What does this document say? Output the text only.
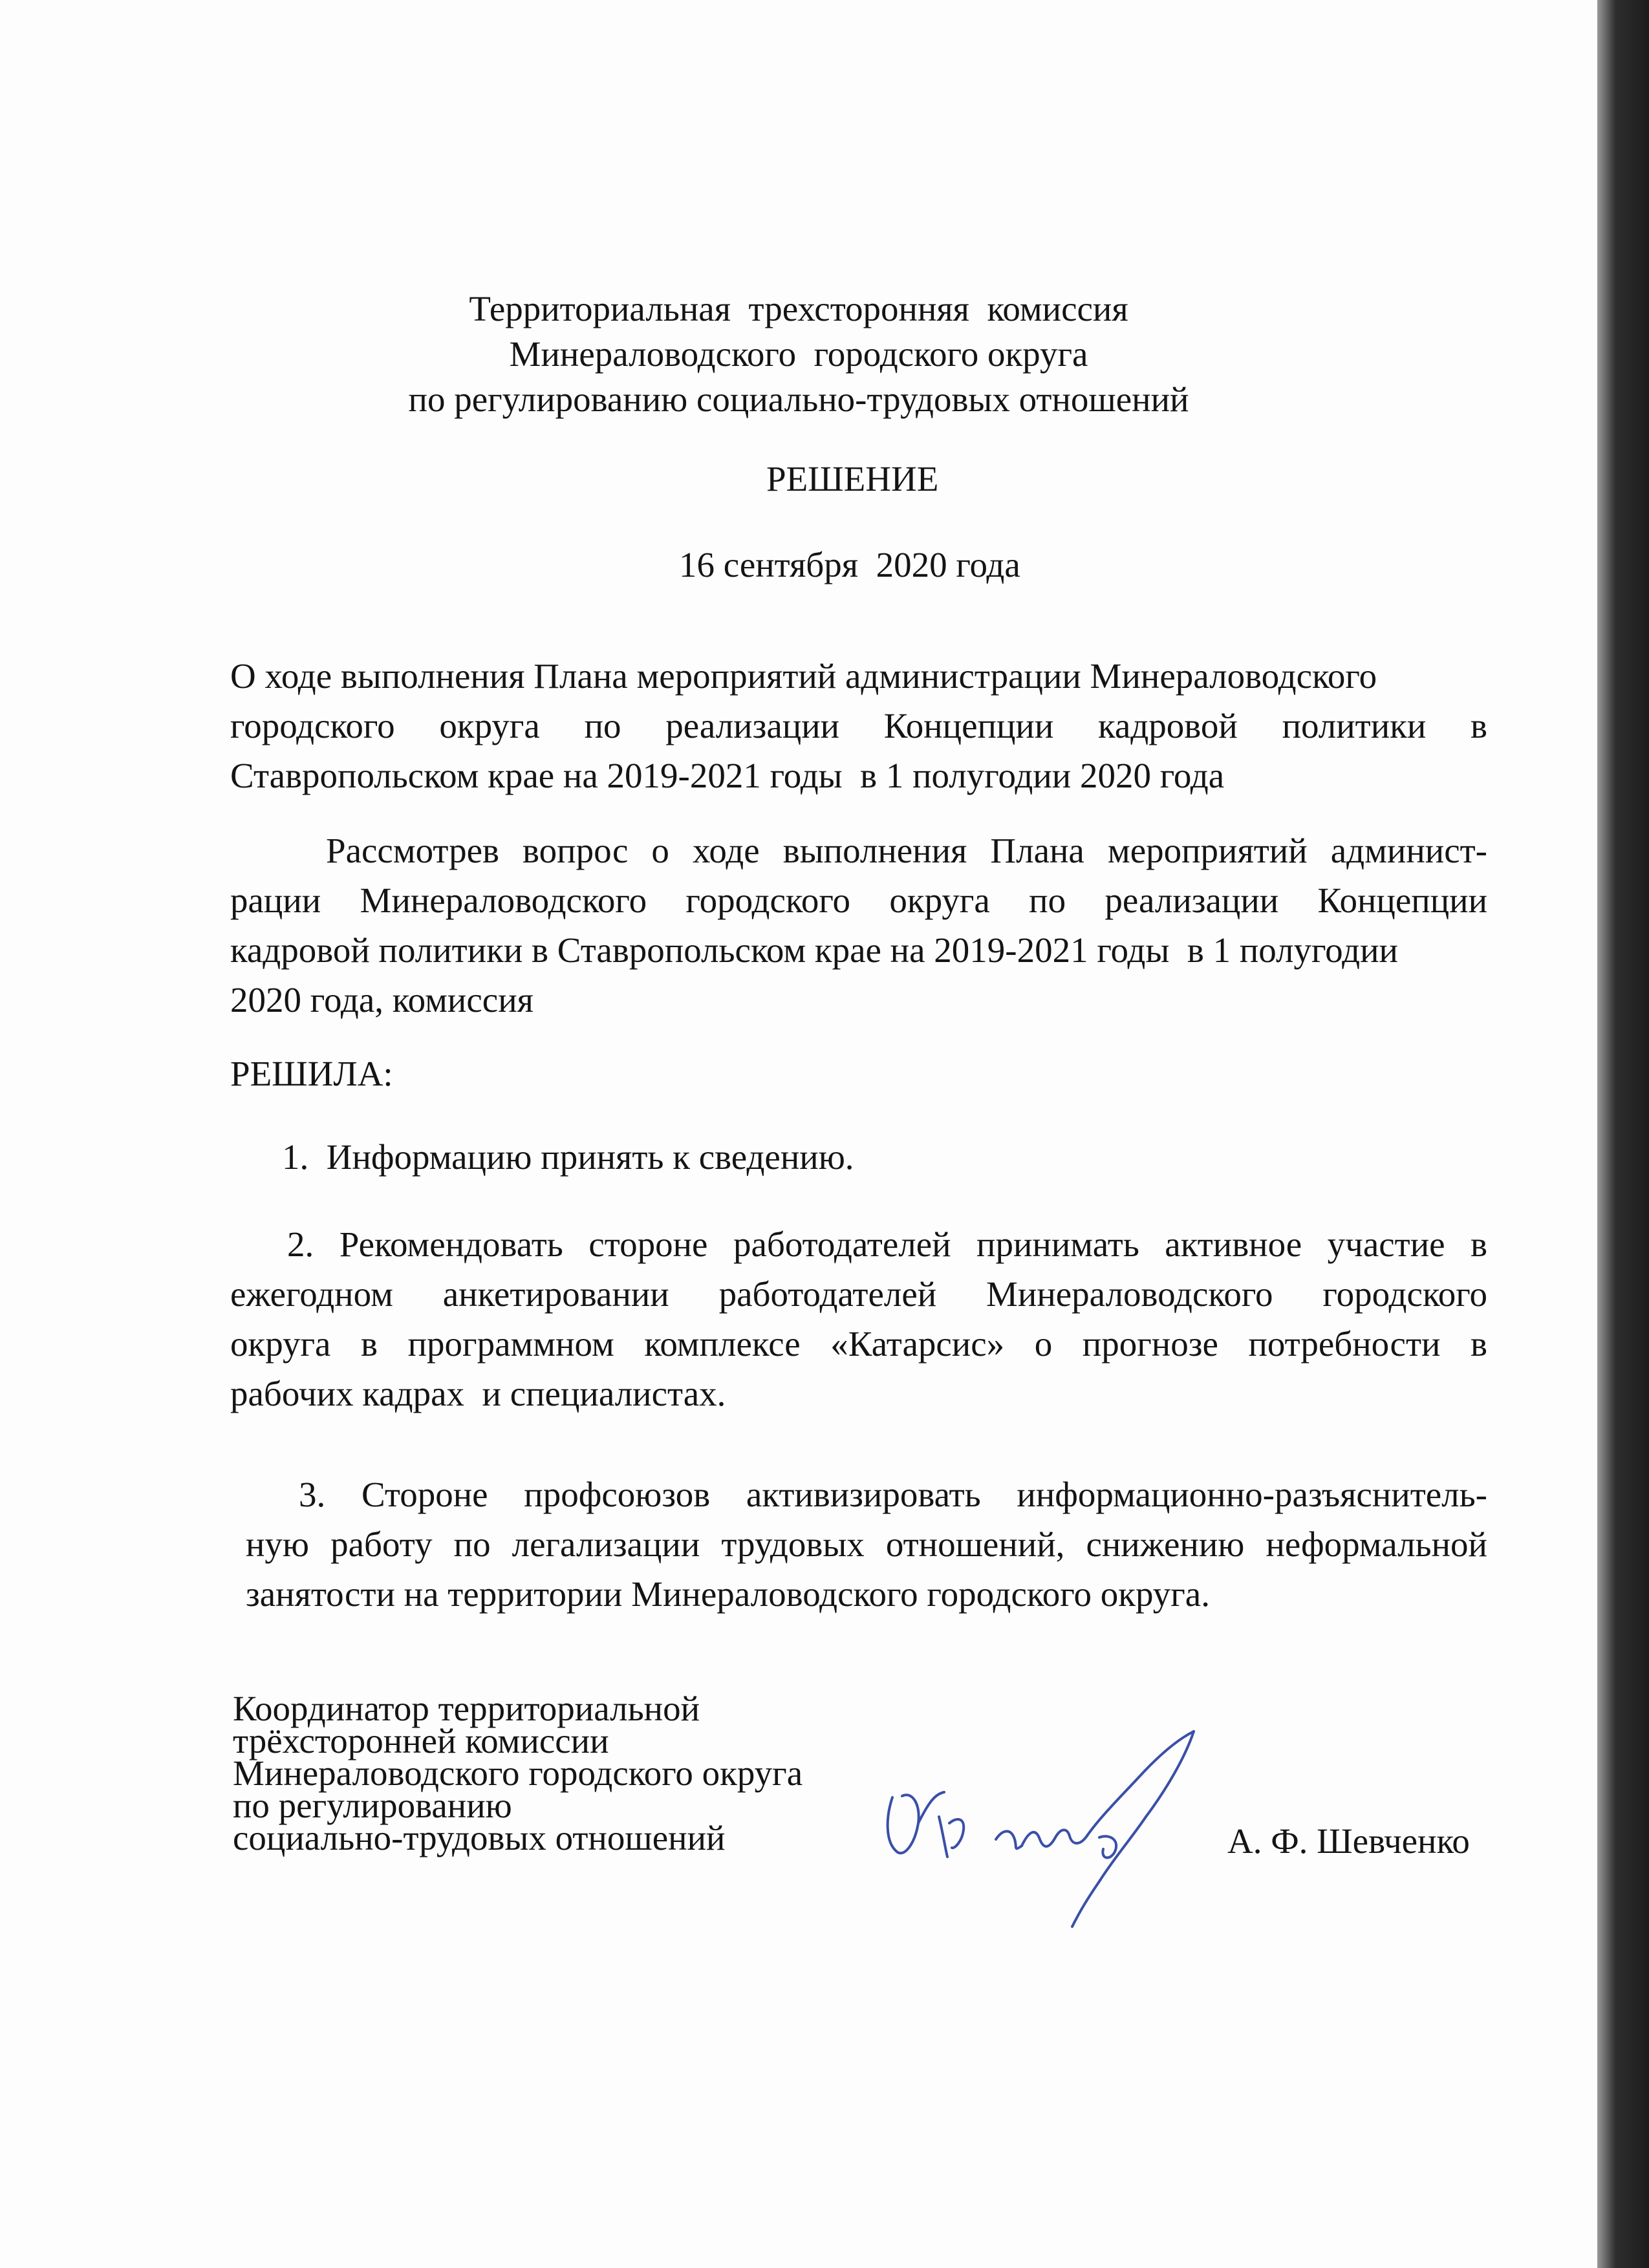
Территориальная  трехсторонняя  комиссия

Минераловодского  городского округа

по регулированию социально-трудовых отношений

РЕШЕНИЕ

16 сентября  2020 года

О ходе выполнения Плана мероприятий администрации Минераловодского

городского округа по реализации Концепции кадровой политики в

Ставропольском крае на 2019-2021 годы  в 1 полугодии 2020 года

Рассмотрев вопрос о ходе выполнения Плана мероприятий админист-

рации Минераловодского городского округа по реализации Концепции

кадровой политики в Ставропольском крае на 2019-2021 годы  в 1 полугодии

2020 года, комиссия

РЕШИЛА:

1.  Информацию принять к сведению.

2. Рекомендовать стороне работодателей принимать активное участие в

ежегодном анкетировании работодателей Минераловодского городского

округа в программном комплексе «Катарсис» о прогнозе потребности в

рабочих кадрах  и специалистах.

3. Стороне профсоюзов активизировать информационно-разъяснитель-

ную работу по легализации трудовых отношений, снижению неформальной

занятости на территории Минераловодского городского округа.

Координатор территориальной

трёхсторонней комиссии

Минераловодского городского округа

по регулированию

социально-трудовых отношений	А. Ф. Шевченко
